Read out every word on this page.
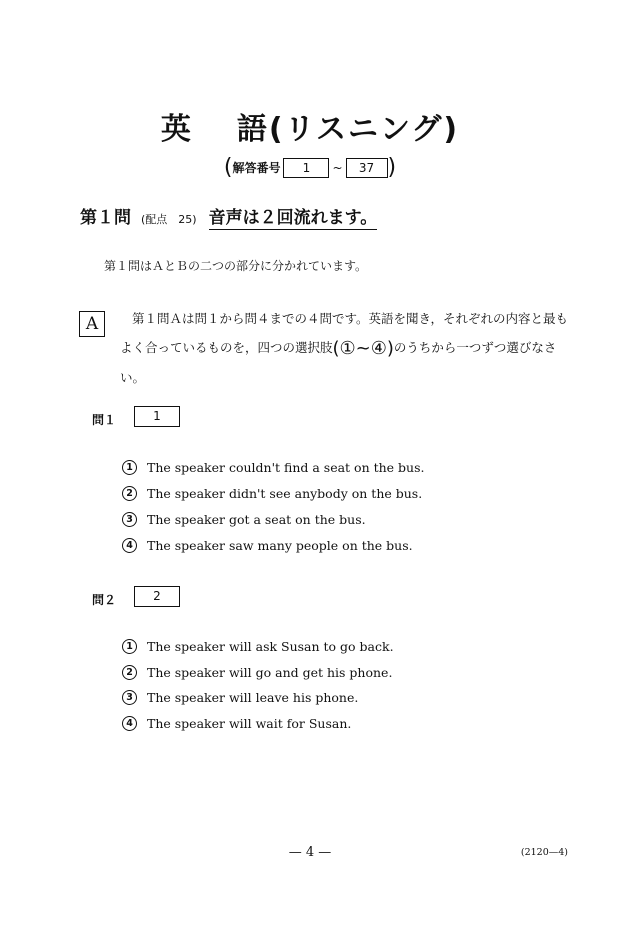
英 語(リスニング)
(解答番号 1 ~ 37 )
第１問 (配点　25) 音声は２回流れます。
第１問はＡとＢの二つの部分に分かれています。
A	第１問Ａは問１から問４までの４問です。英語を聞き，それぞれの内容と最もよく合っているものを，四つの選択肢(①~④)のうちから一つずつ選びなさい。
問１	1
1	The speaker couldn't find a seat on the bus.
2	The speaker didn't see anybody on the bus.
3	The speaker got a seat on the bus.
4	The speaker saw many people on the bus.
問２	2
1	The speaker will ask Susan to go back.
2	The speaker will go and get his phone.
3	The speaker will leave his phone.
4	The speaker will wait for Susan.
— 4 —	(2120—4)
